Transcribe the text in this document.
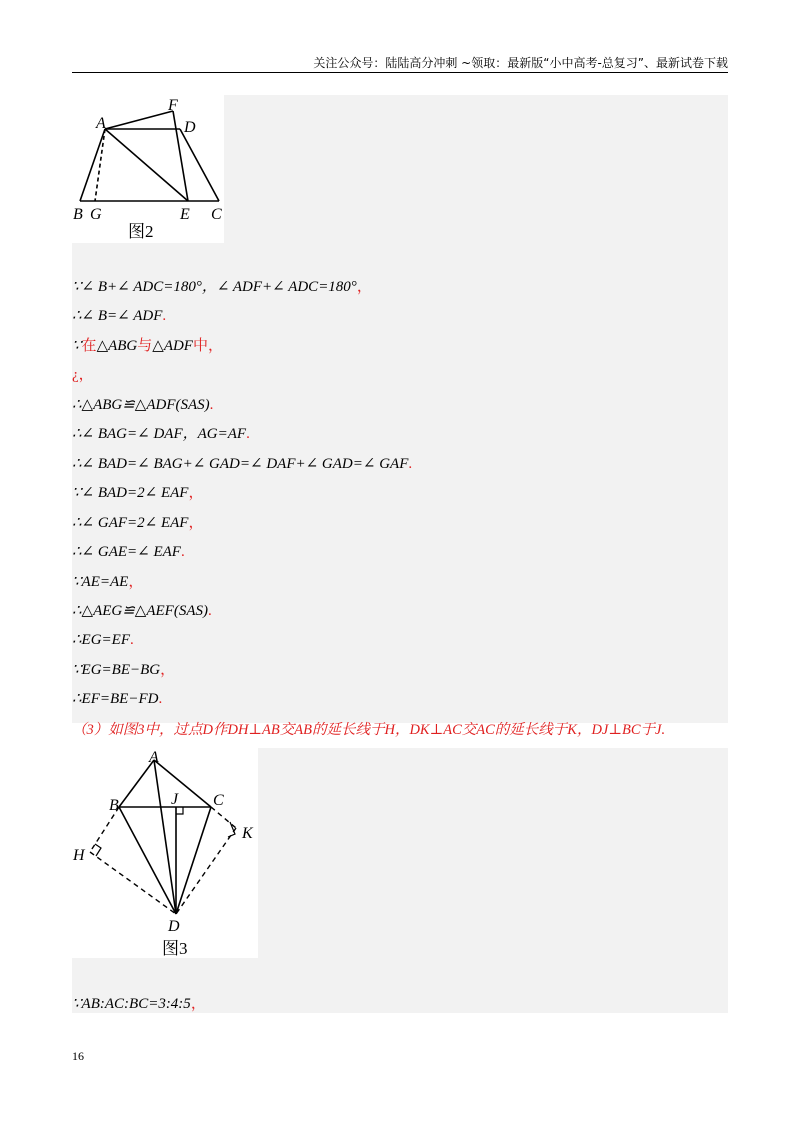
关注公众号：陆陆高分冲刺 ~领取：最新版“小中高考-总复习”、最新试卷下载
A
F
D
B G	E C
图2
∵∠ B+∠ ADC=180°，∠ ADF+∠ ADC=180°，
∴∠ B=∠ ADF.
∵在△ABG与△ADF中，
¿，
∴△ABG≌△ADF(SAS).
∴∠ BAG=∠ DAF，AG=AF.
∴∠ BAD=∠ BAG+∠ GAD=∠ DAF+∠ GAD=∠ GAF.
∵∠ BAD=2∠ EAF，
∴∠ GAF=2∠ EAF，
∴∠ GAE=∠ EAF.
∵AE=AE，
∴△AEG≌△AEF(SAS).
∴EG=EF.
∵EG=BE−BG，
∴EF=BE−FD.
（3）如图3中，过点D作DH⊥AB交AB的延长线于H，DK⊥AC交AC的延长线于K，DJ⊥BC于J.
A
B	J C
H
K
D
图3
∵AB:AC:BC=3:4:5，
16
